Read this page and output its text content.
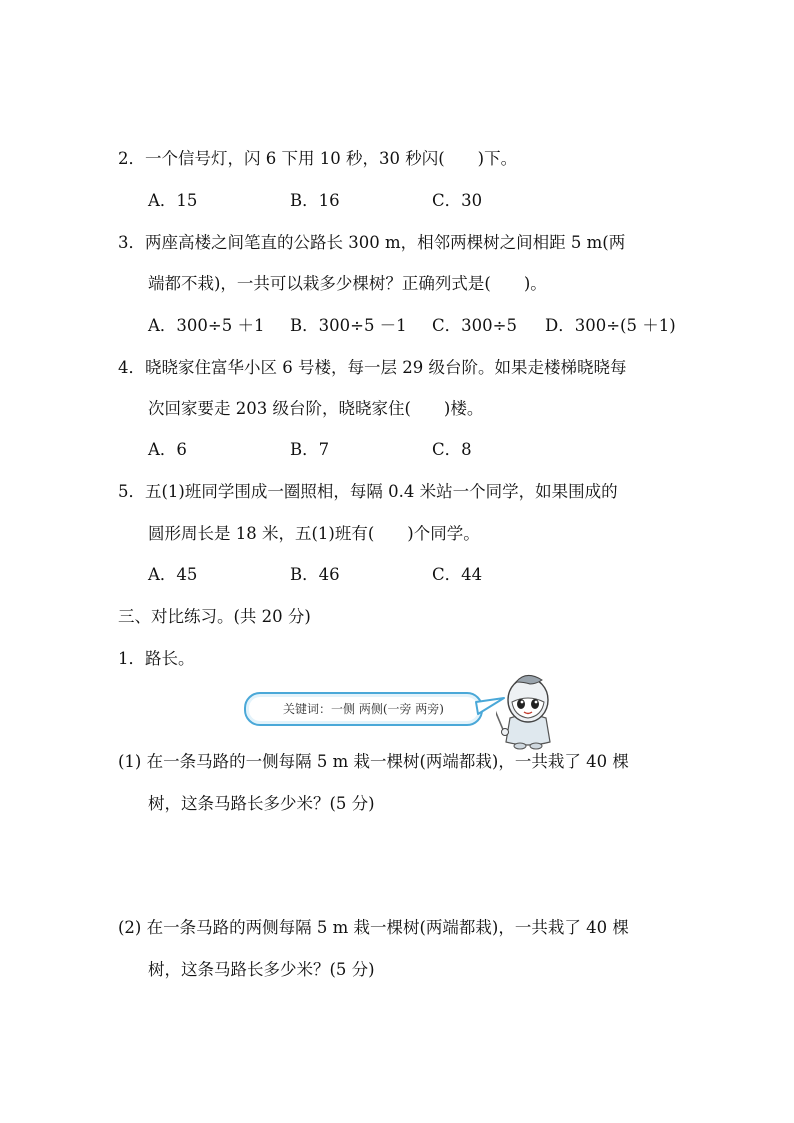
2．一个信号灯，闪 6 下用 10 秒，30 秒闪(　　)下。
A．15	B．16	C．30
3．两座高楼之间笔直的公路长 300 m，相邻两棵树之间相距 5 m(两
端都不栽)，一共可以栽多少棵树？正确列式是(　　)。
A．300÷5 ＋1 B．300÷5 －1 C．300÷5 D．300÷(5 ＋1)
4．晓晓家住富华小区 6 号楼，每一层 29 级台阶。如果走楼梯晓晓每
次回家要走 203 级台阶，晓晓家住(　　)楼。
A．6	B．7	C．8
5．五(1)班同学围成一圈照相，每隔 0.4 米站一个同学，如果围成的
圆形周长是 18 米，五(1)班有(　　)个同学。
A．45	B．46	C．44
三、对比练习。(共 20 分)
1．路长。
关键词：一侧 两侧(一旁 两旁)
(1) 在一条马路的一侧每隔 5 m 栽一棵树(两端都栽)，一共栽了 40 棵
树，这条马路长多少米？(5 分)
(2) 在一条马路的两侧每隔 5 m 栽一棵树(两端都栽)，一共栽了 40 棵
树，这条马路长多少米？(5 分)
